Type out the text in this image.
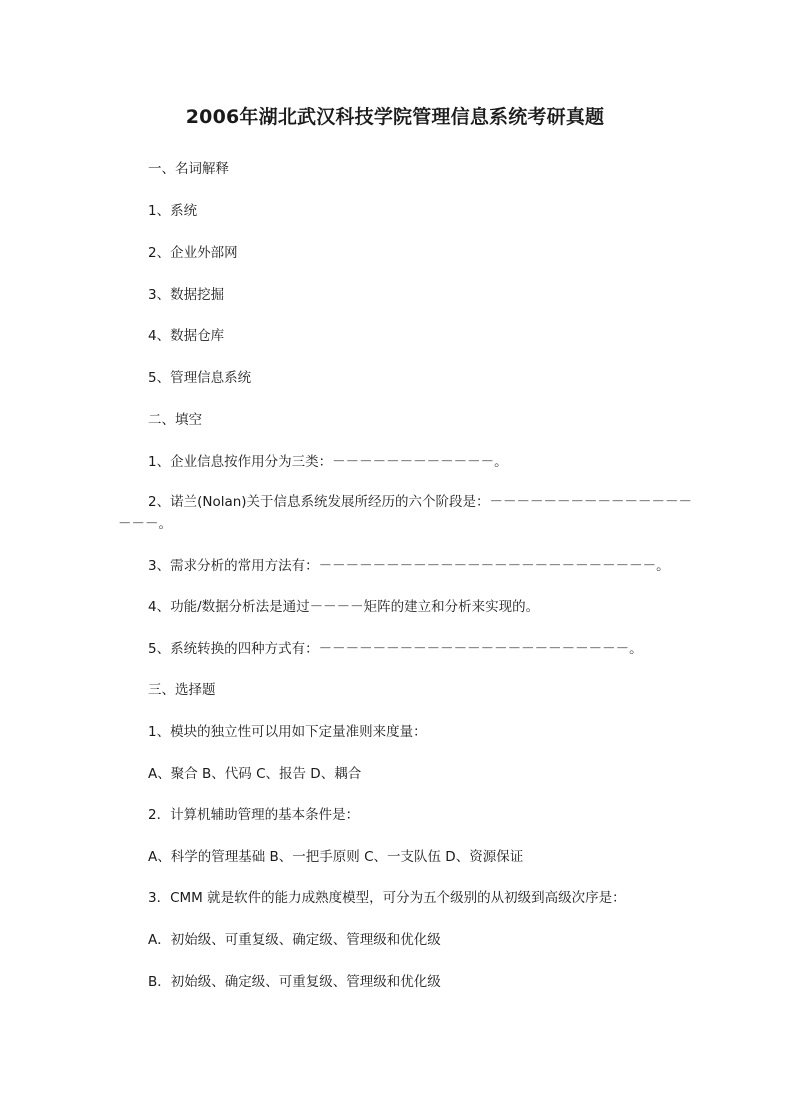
2006年湖北武汉科技学院管理信息系统考研真题
一、名词解释
1、系统
2、企业外部网
3、数据挖掘
4、数据仓库
5、管理信息系统
二、填空
1、企业信息按作用分为三类：－－－－－－－－－－－－。
2、诺兰(Nolan)关于信息系统发展所经历的六个阶段是：－－－－－－－－－－－－－－－－－－。
3、需求分析的常用方法有：－－－－－－－－－－－－－－－－－－－－－－－－－。
4、功能/数据分析法是通过－－－－矩阵的建立和分析来实现的。
5、系统转换的四种方式有：－－－－－－－－－－－－－－－－－－－－－－－。
三、选择题
1、模块的独立性可以用如下定量准则来度量：
A、聚合 B、代码 C、报告 D、耦合
2．计算机辅助管理的基本条件是：
A、科学的管理基础 B、一把手原则 C、一支队伍 D、资源保证
3．CMM 就是软件的能力成熟度模型，可分为五个级别的从初级到高级次序是：
A．初始级、可重复级、确定级、管理级和优化级
B．初始级、确定级、可重复级、管理级和优化级
